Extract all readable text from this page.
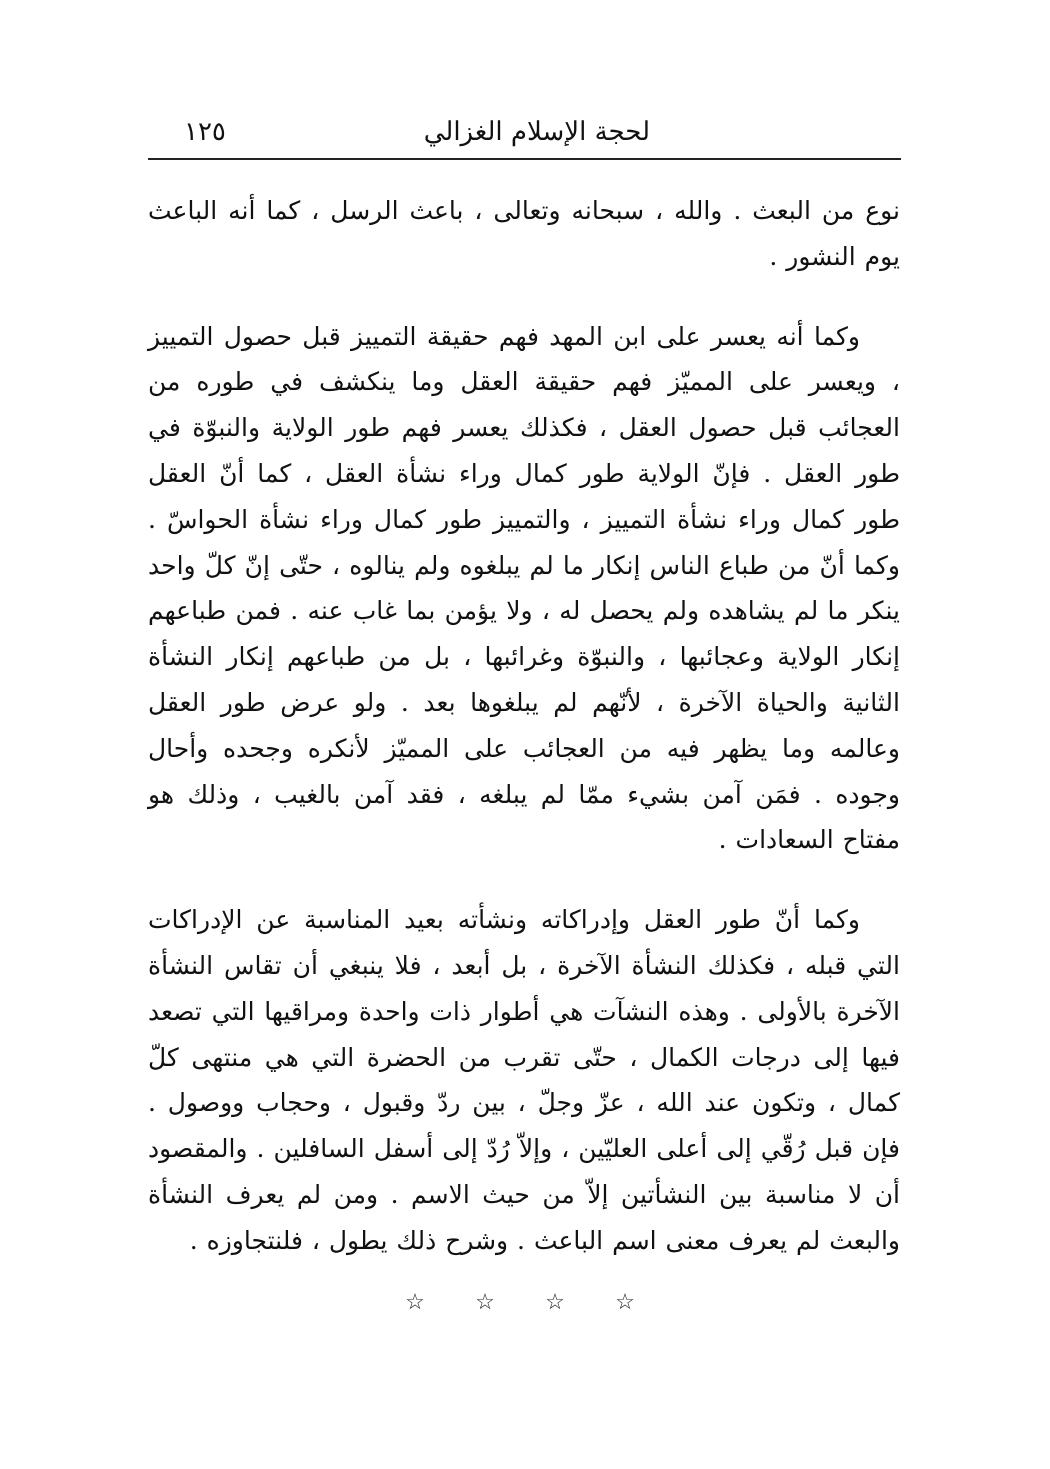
لحجة الإسلام الغزالي
١٢٥

نوع من البعث . والله ، سبحانه وتعالى ، باعث الرسل ، كما أنه الباعث يوم النشور .

وكما أنه يعسر على ابن المهد فهم حقيقة التمييز قبل حصول التمييز ، ويعسر على المميّز فهم حقيقة العقل وما ينكشف في طوره من العجائب قبل حصول العقل ، فكذلك يعسر فهم طور الولاية والنبوّة في طور العقل . فإنّ الولاية طور كمال وراء نشأة العقل ، كما أنّ العقل طور كمال وراء نشأة التمييز ، والتمييز طور كمال وراء نشأة الحواسّ . وكما أنّ من طباع الناس إنكار ما لم يبلغوه ولم ينالوه ، حتّى إنّ كلّ واحد ينكر ما لم يشاهده ولم يحصل له ، ولا يؤمن بما غاب عنه . فمن طباعهم إنكار الولاية وعجائبها ، والنبوّة وغرائبها ، بل من طباعهم إنكار النشأة الثانية والحياة الآخرة ، لأنّهم لم يبلغوها بعد . ولو عرض طور العقل وعالمه وما يظهر فيه من العجائب على المميّز لأنكره وجحده وأحال وجوده . فمَن آمن بشيء ممّا لم يبلغه ، فقد آمن بالغيب ، وذلك هو مفتاح السعادات .

وكما أنّ طور العقل وإدراكاته ونشأته بعيد المناسبة عن الإدراكات التي قبله ، فكذلك النشأة الآخرة ، بل أبعد ، فلا ينبغي أن تقاس النشأة الآخرة بالأولى . وهذه النشآت هي أطوار ذات واحدة ومراقيها التي تصعد فيها إلى درجات الكمال ، حتّى تقرب من الحضرة التي هي منتهى كلّ كمال ، وتكون عند الله ، عزّ وجلّ ، بين ردّ وقبول ، وحجاب ووصول . فإن قبل رُقّي إلى أعلى العليّين ، وإلاّ رُدّ إلى أسفل السافلين . والمقصود أن لا مناسبة بين النشأتين إلاّ من حيث الاسم . ومن لم يعرف النشأة والبعث لم يعرف معنى اسم الباعث . وشرح ذلك يطول ، فلنتجاوزه .

☆ ☆ ☆ ☆
